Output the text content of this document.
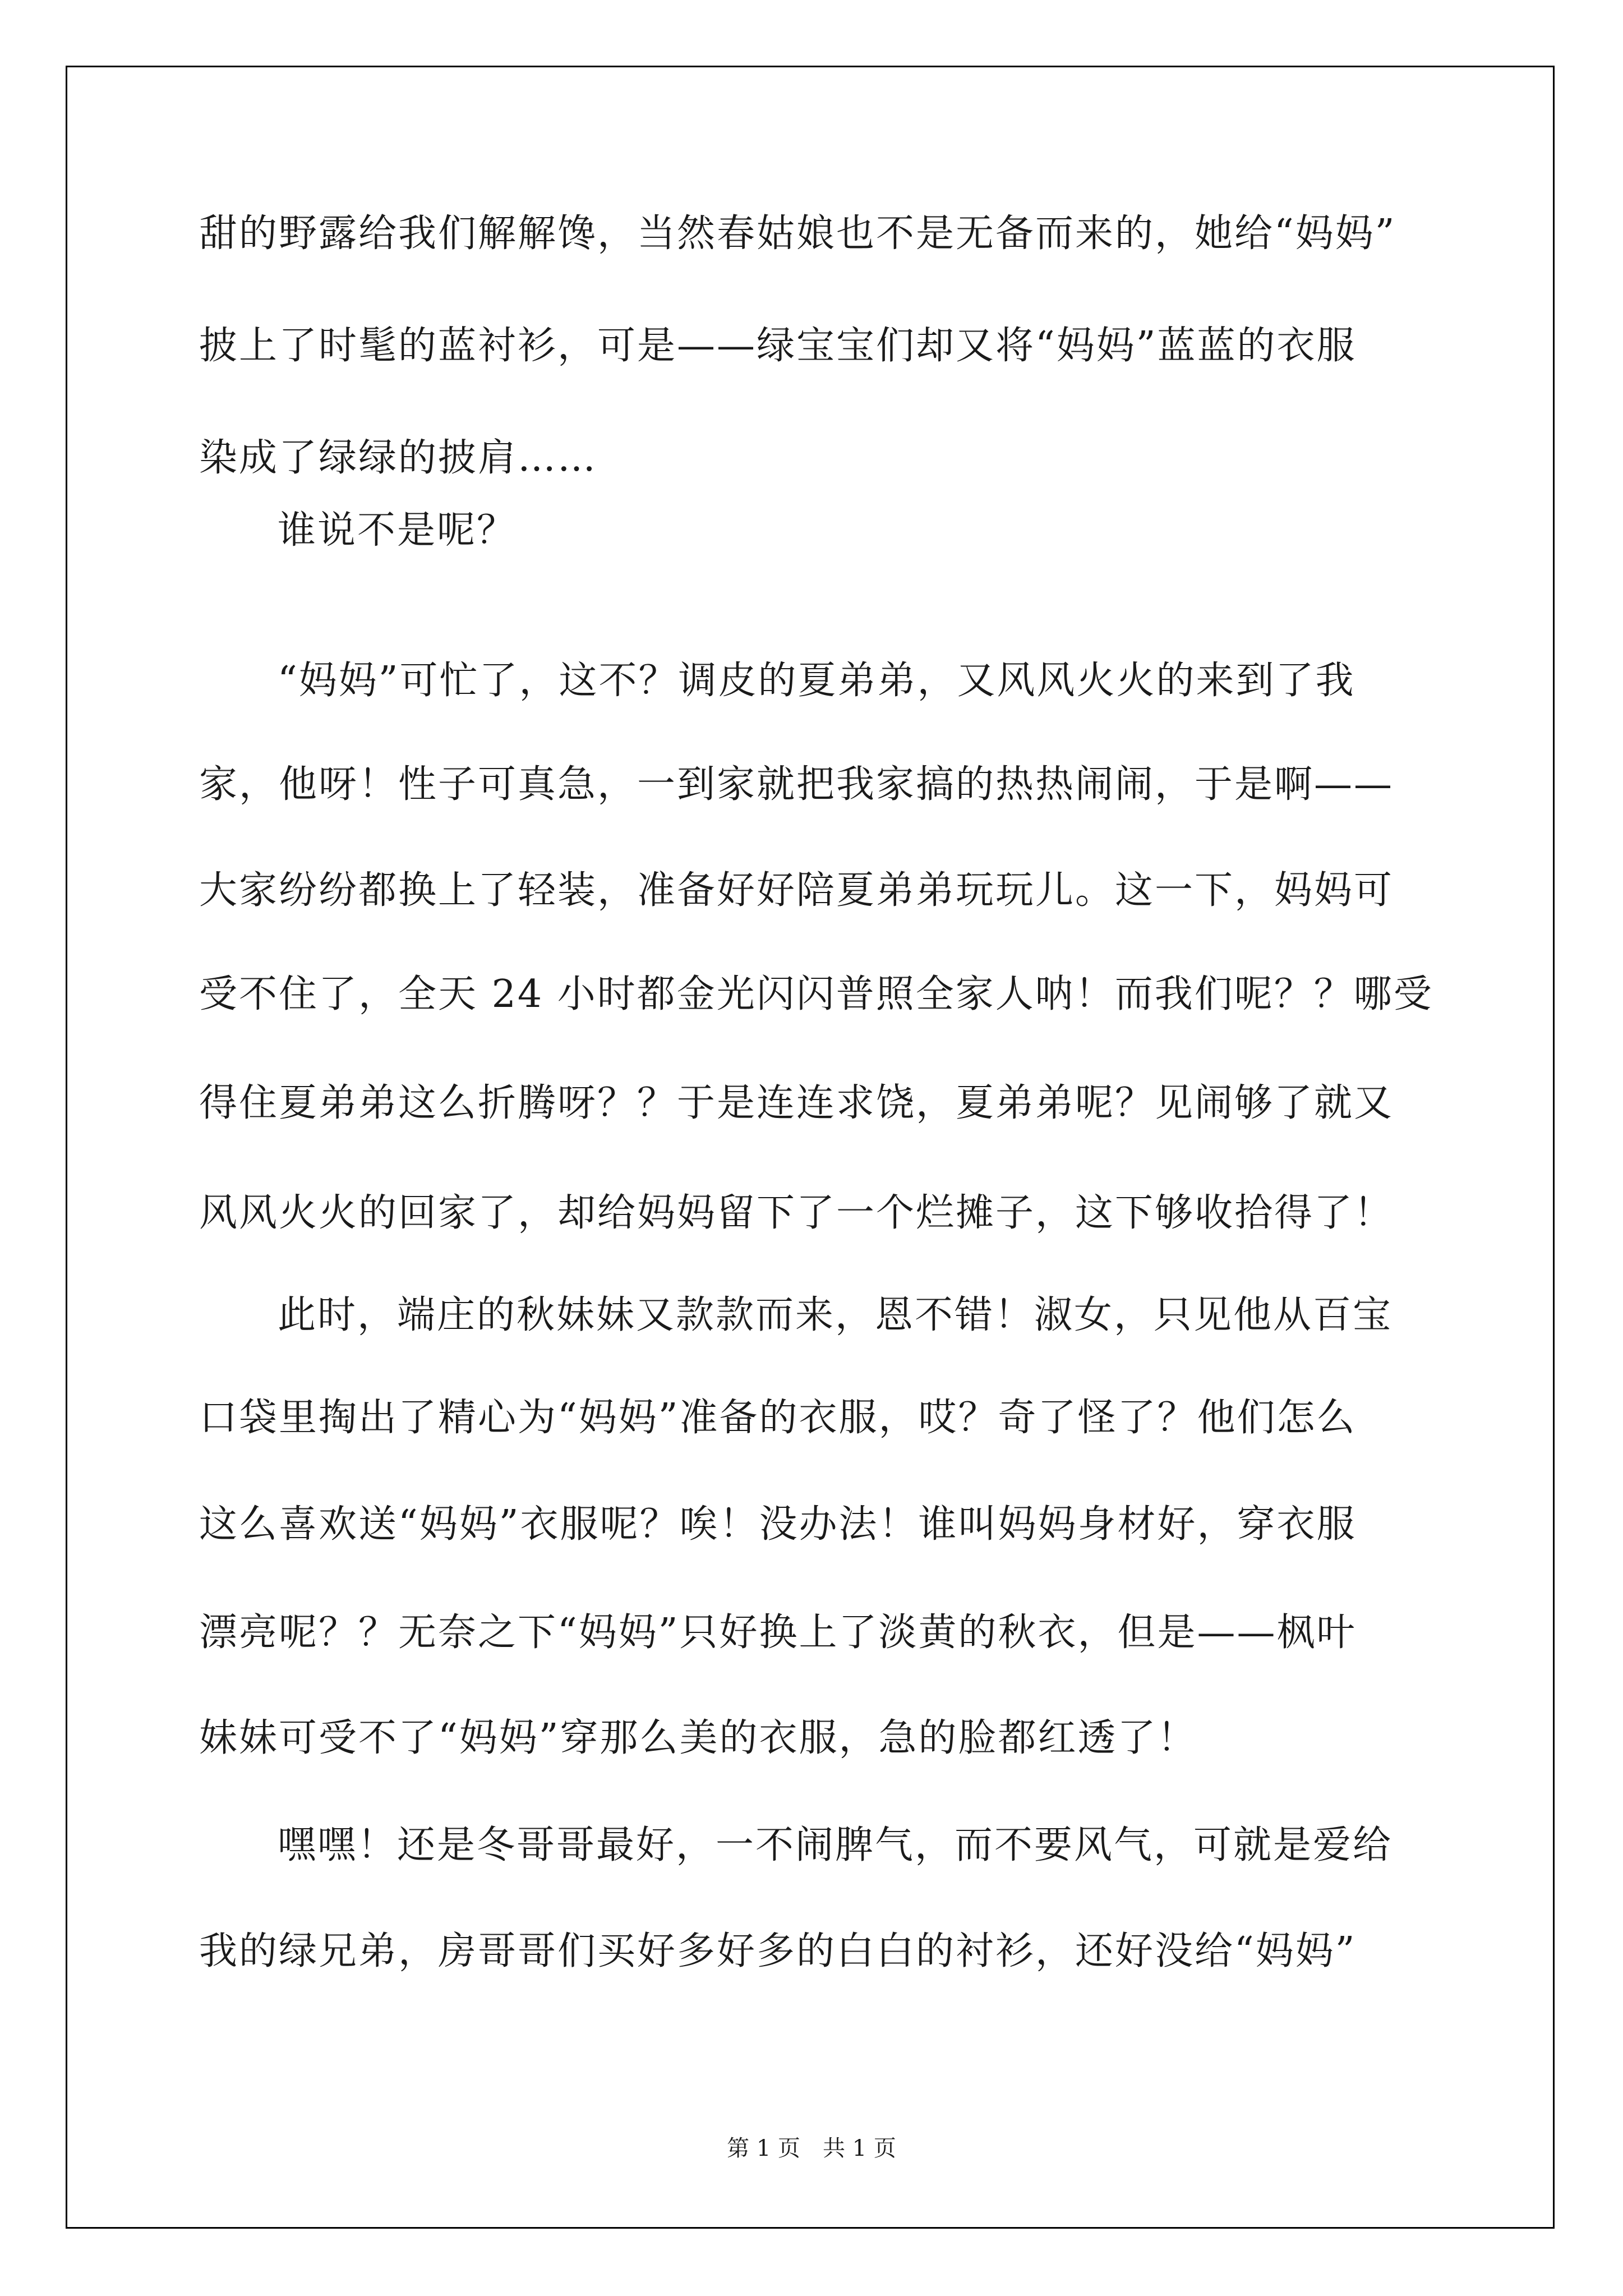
甜的野露给我们解解馋，当然春姑娘也不是无备而来的，她给“妈妈”
披上了时髦的蓝衬衫，可是——绿宝宝们却又将“妈妈”蓝蓝的衣服
染成了绿绿的披肩……
谁说不是呢？
“妈妈”可忙了，这不？调皮的夏弟弟，又风风火火的来到了我
家，他呀！性子可真急，一到家就把我家搞的热热闹闹，于是啊——
大家纷纷都换上了轻装，准备好好陪夏弟弟玩玩儿。这一下，妈妈可
受不住了，全天 24 小时都金光闪闪普照全家人呐！而我们呢？？哪受
得住夏弟弟这么折腾呀？？于是连连求饶，夏弟弟呢？见闹够了就又
风风火火的回家了，却给妈妈留下了一个烂摊子，这下够收拾得了！
此时，端庄的秋妹妹又款款而来，恩不错！淑女，只见他从百宝
口袋里掏出了精心为“妈妈”准备的衣服，哎？奇了怪了？他们怎么
这么喜欢送“妈妈”衣服呢？唉！没办法！谁叫妈妈身材好，穿衣服
漂亮呢？？无奈之下“妈妈”只好换上了淡黄的秋衣，但是——枫叶
妹妹可受不了“妈妈”穿那么美的衣服，急的脸都红透了！
嘿嘿！还是冬哥哥最好，一不闹脾气，而不要风气，可就是爱给
我的绿兄弟，房哥哥们买好多好多的白白的衬衫，还好没给“妈妈”
第 1 页　共 1 页
